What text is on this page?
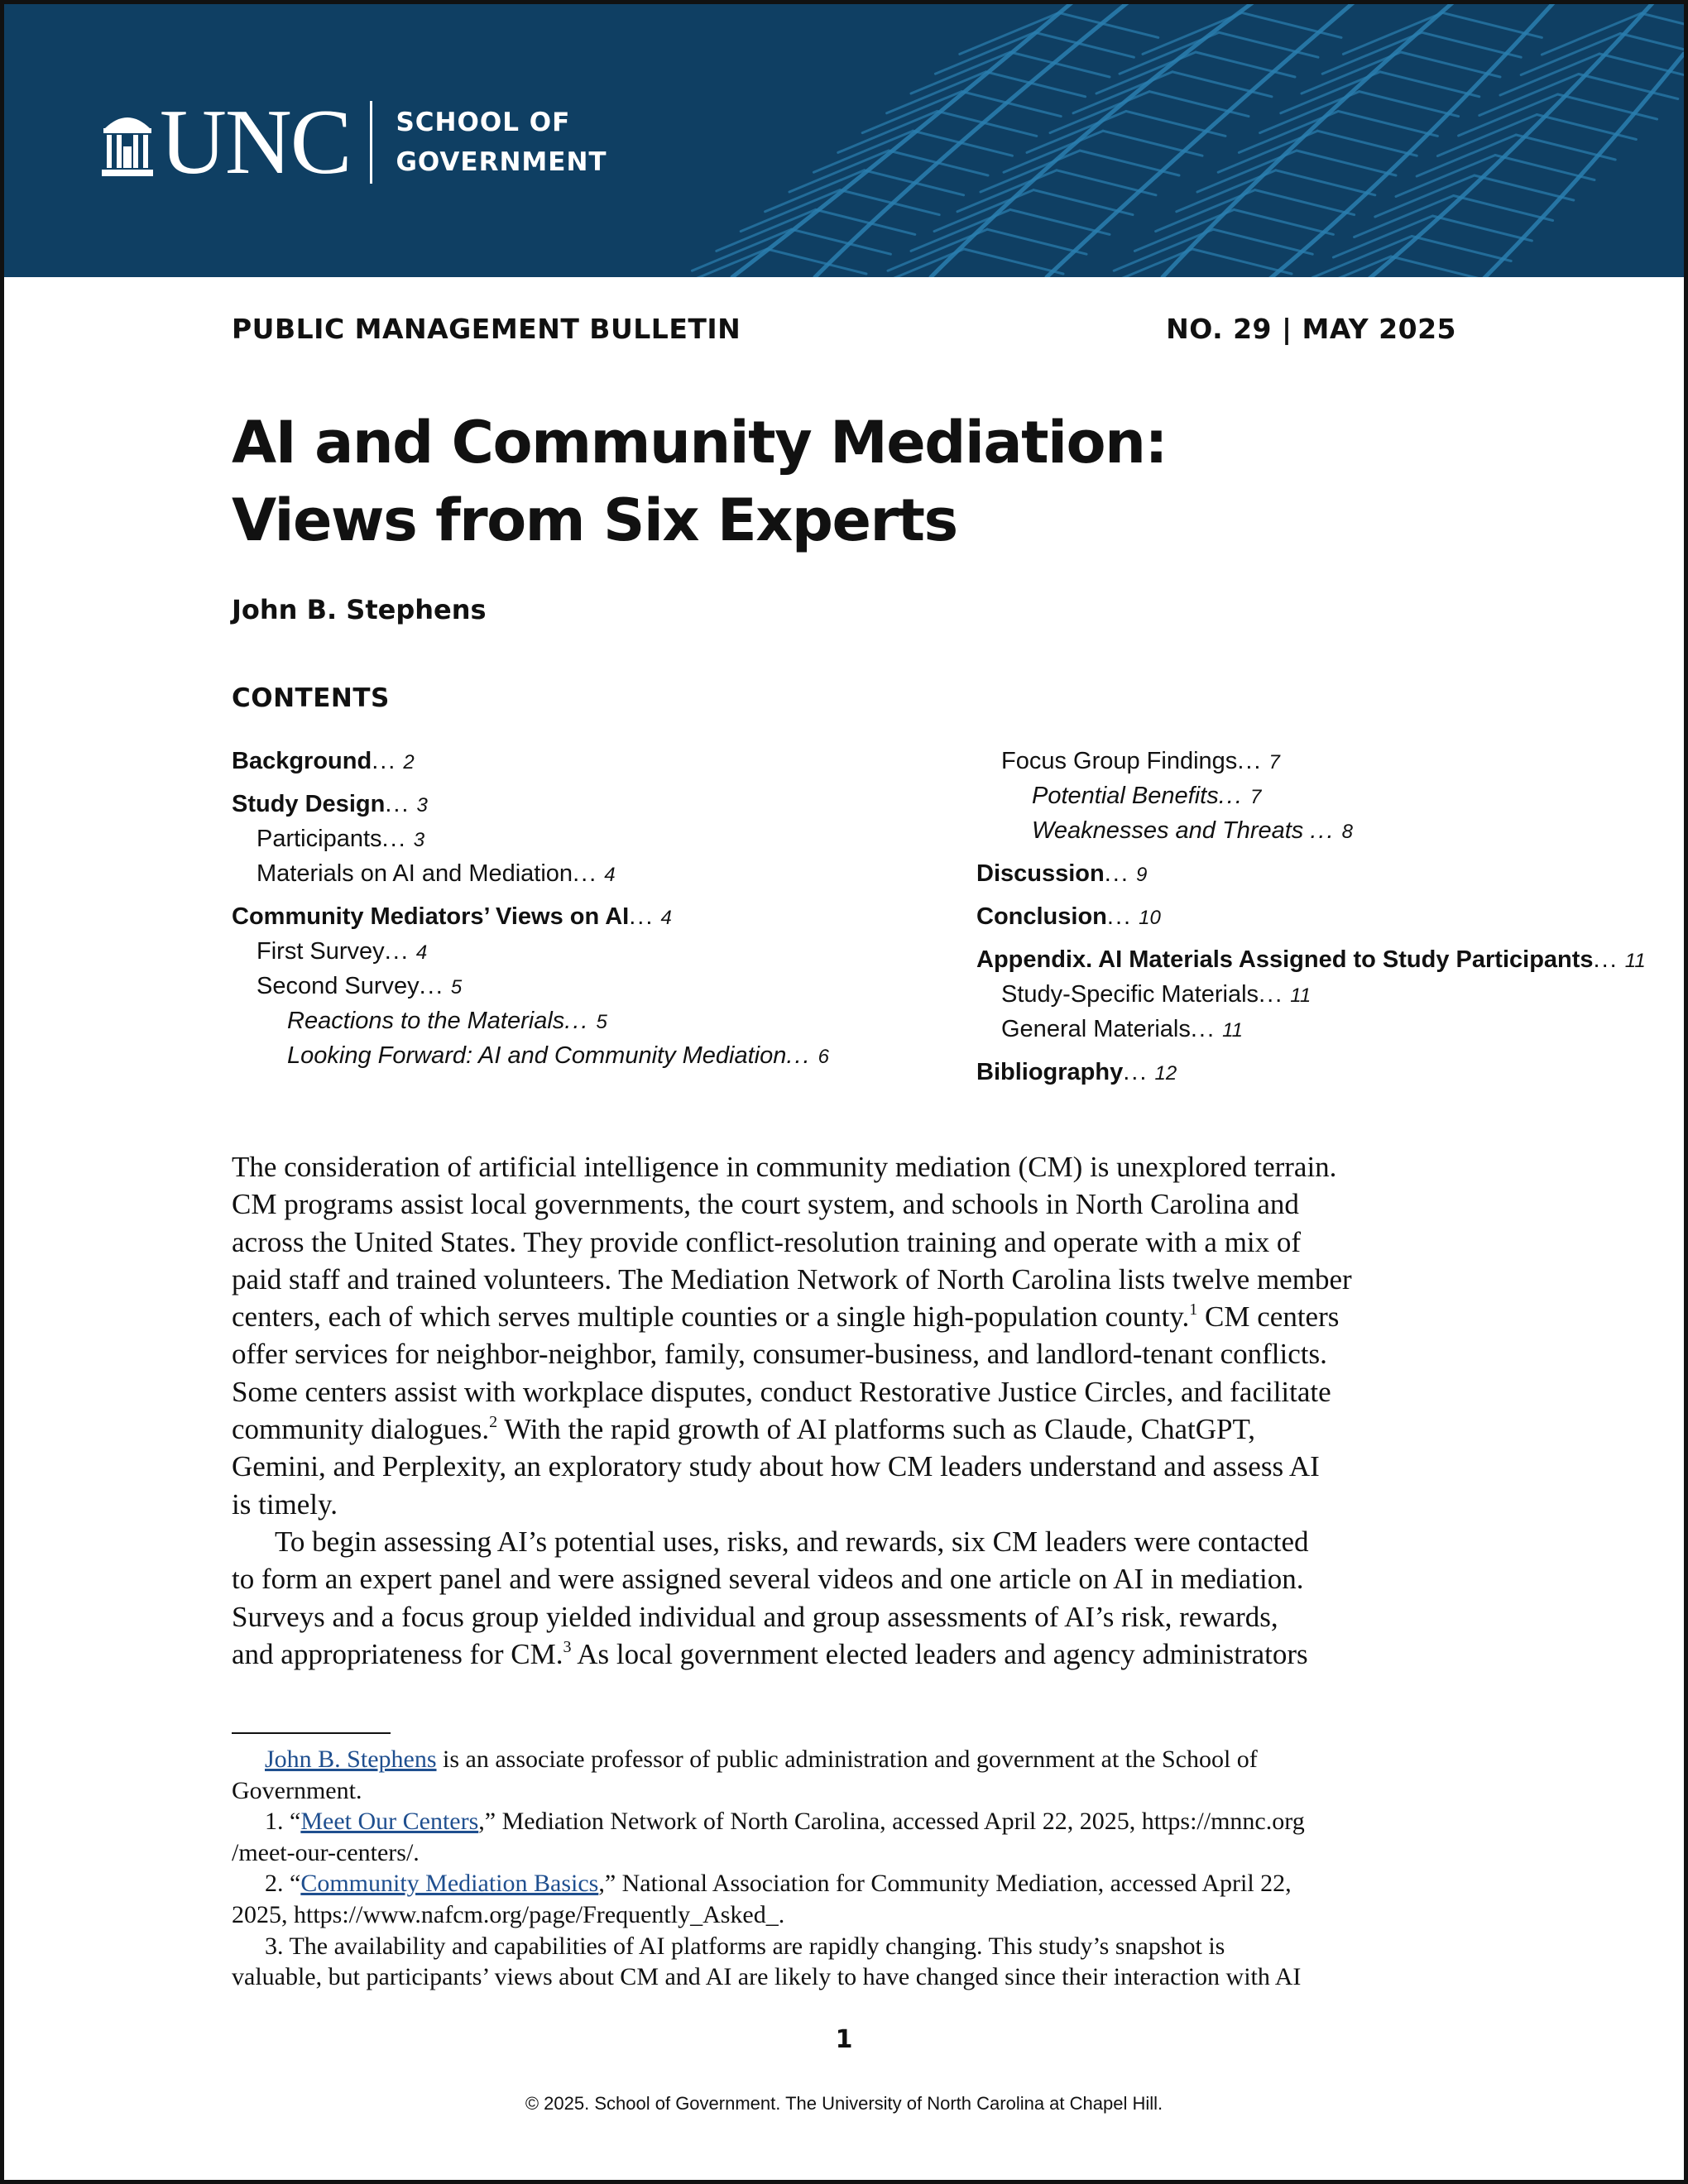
UNC SCHOOL OF
GOVERNMENT
PUBLIC MANAGEMENT BULLETIN	NO. 29 | MAY 2025
AI and Community Mediation:
Views from Six Experts
John B. Stephens
CONTENTS
Background... 2
Study Design... 3
Participants... 3
Materials on AI and Mediation... 4
Community Mediators’ Views on AI... 4
First Survey... 4
Second Survey... 5
Reactions to the Materials... 5
Looking Forward: AI and Community Mediation... 6
Focus Group Findings... 7
Potential Benefits... 7
Weaknesses and Threats ... 8
Discussion... 9
Conclusion... 10
Appendix. AI Materials Assigned to Study Participants... 11
Study-Specific Materials... 11
General Materials... 11
Bibliography... 12

The consideration of artificial intelligence in community mediation (CM) is unexplored terrain.
CM programs assist local governments, the court system, and schools in North Carolina and
across the United States. They provide conflict-resolution training and operate with a mix of
paid staff and trained volunteers. The Mediation Network of North Carolina lists twelve member
centers, each of which serves multiple counties or a single high-population county.$^1$ CM centers
offer services for neighbor-neighbor, family, consumer-business, and landlord-tenant conflicts.
Some centers assist with workplace disputes, conduct Restorative Justice Circles, and facilitate
community dialogues.$^2$ With the rapid growth of AI platforms such as Claude, ChatGPT,
Gemini, and Perplexity, an exploratory study about how CM leaders understand and assess AI
is timely.

To begin assessing AI’s potential uses, risks, and rewards, six CM leaders were contacted
to form an expert panel and were assigned several videos and one article on AI in mediation.
Surveys and a focus group yielded individual and group assessments of AI’s risk, rewards,
and appropriateness for CM.$^3$ As local government elected leaders and agency administrators

John B. Stephens is an associate professor of public administration and government at the School of
Government.
1. “Meet Our Centers,” Mediation Network of North Carolina, accessed April 22, 2025, https://mnnc.org
/meet-our-centers/.
2. “Community Mediation Basics,” National Association for Community Mediation, accessed April 22,
2025, https://www.nafcm.org/page/Frequently_Asked_.
3. The availability and capabilities of AI platforms are rapidly changing. This study’s snapshot is
valuable, but participants’ views about CM and AI are likely to have changed since their interaction with AI
1
© 2025. School of Government. The University of North Carolina at Chapel Hill.
